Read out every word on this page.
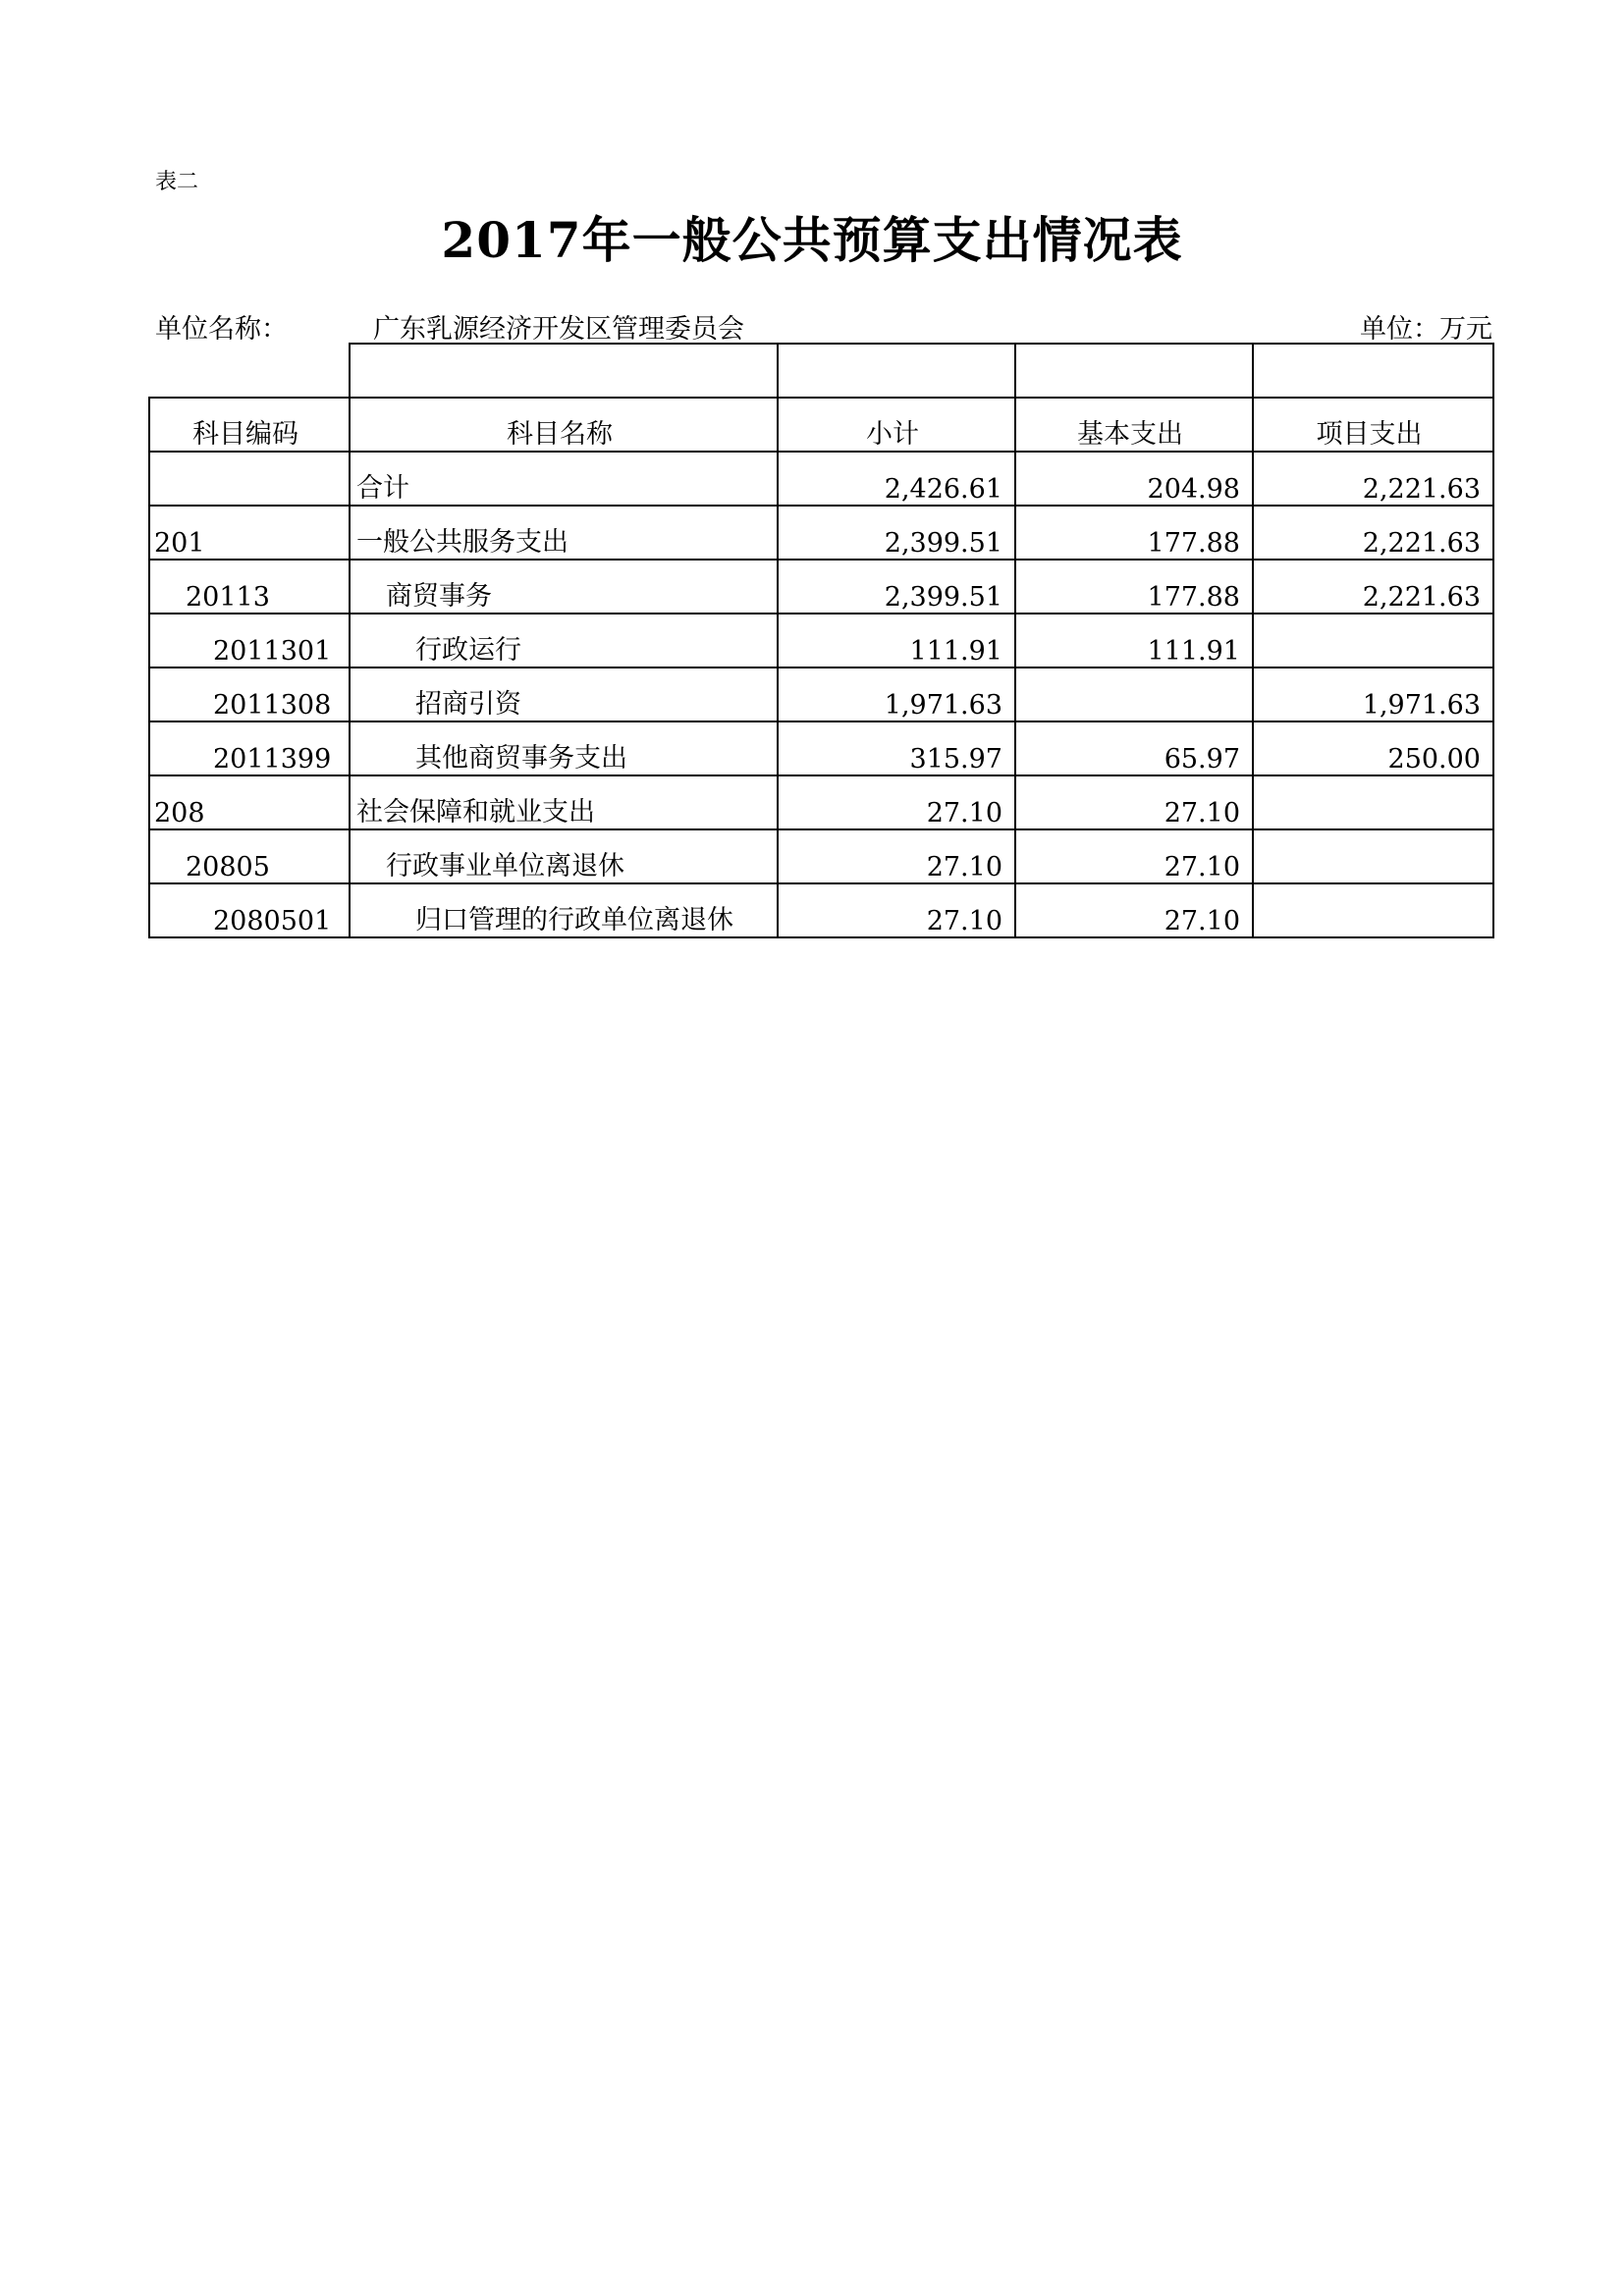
表二
2017年一般公共预算支出情况表
单位名称：	广东乳源经济开发区管理委员会	单位：万元

科目编码	科目名称	小计	基本支出	项目支出
	合计	2,426.61	204.98	2,221.63
201	一般公共服务支出	2,399.51	177.88	2,221.63
20113	商贸事务	2,399.51	177.88	2,221.63
2011301	行政运行	111.91	111.91	
2011308	招商引资	1,971.63		1,971.63
2011399	其他商贸事务支出	315.97	65.97	250.00
208	社会保障和就业支出	27.10	27.10	
20805	行政事业单位离退休	27.10	27.10	
2080501	归口管理的行政单位离退休	27.10	27.10	
